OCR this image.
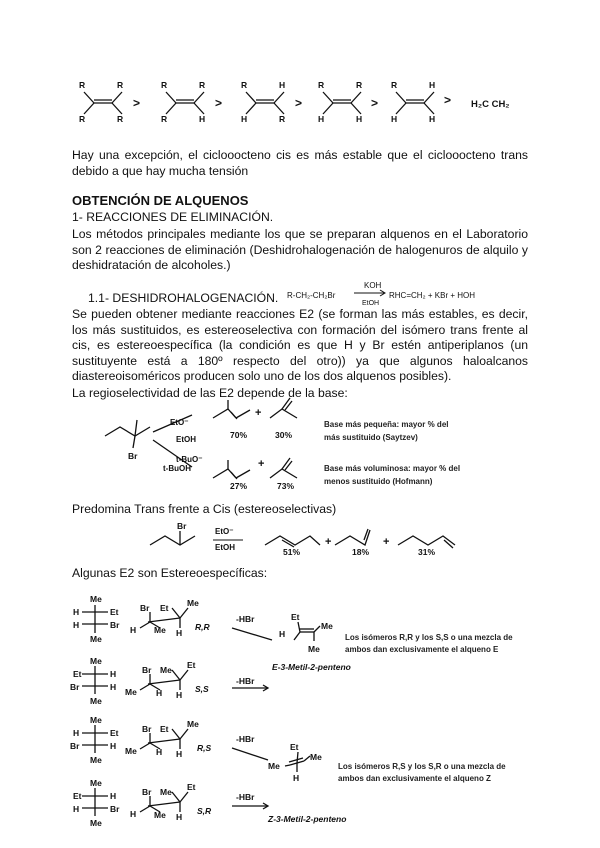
R	R
R	R
>
R	R
R	H
>
R	H
H	R
>
R	R
H	H
>
R	H
H	H
> H₂C CH₂
Hay una excepción, el ciclooocteno cis es más estable que el ciclooocteno trans debido a que hay mucha tensión
OBTENCIÓN DE ALQUENOS
1- REACCIONES DE ELIMINACIÓN.
Los métodos principales mediante los que se preparan alquenos en el Laboratorio son 2 reacciones de eliminación (Deshidrohalogenación de halogenuros de alquilo y deshidratación de alcoholes.)
1.1- DESHIDROHALOGENACIÓN. R-CH₂-CH₂Br
KOH
EtOH
RHC=CH₂ + KBr + HOH
Se pueden obtener mediante reacciones E2 (se forman las más estables, es decir, los más sustituidos, es estereoselectiva con formación del isómero trans frente al cis, es estereoespecífica (la condición es que H y Br estén antiperiplanos (un sustituyente está a 180º respecto del otro)) ya que algunos haloalcanos diastereoisoméricos producen solo uno de los dos alquenos posibles).
La regioselectividad de las E2 depende de la base:
Br
EtO⁻
EtOH
t-BuO⁻
t-BuOH
70%
+
30%
Base más pequeña: mayor % del
más sustituido (Saytzev)
27%
+
73%
Base más voluminosa: mayor % del
menos sustituido (Hofmann)
Predomina Trans frente a Cis (estereoselectivas)
Br
EtO⁻
EtOH	51%
+
18%
+
31%
Algunas E2 son Estereoespecíficas:
Me
H	Et
H	Br
Me
Br Et Me
H Me H
R,R
-HBr	Et
H
Me
Me
Los isómeros R,R y los S,S o una mezcla de
ambos dan exclusivamente el alqueno E
Me
Et	H
Br	H
Me
Br Me Et
Me H H
S,S
-HBr
E-3-Metil-2-penteno
Me
H	Et
Br	H
Me
Br Et Me
Me H H
R,S
-HBr
Et
Me
Me
H
Los isómeros R,S y los S,R o una mezcla de
ambos dan exclusivamente el alqueno Z
Me
Et	H
H	Br
Me
Br Me Et
H Me H
S,R
-HBr
Z-3-Metil-2-penteno
